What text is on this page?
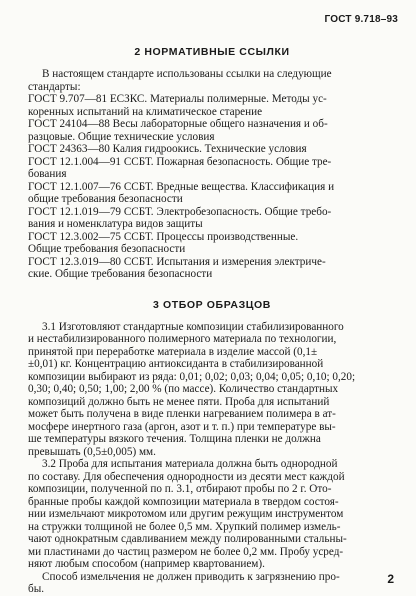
ГОСТ 9.718–93
2 НОРМАТИВНЫЕ ССЫЛКИ

В настоящем стандарте использованы ссылки на следующие
стандарты:
ГОСТ 9.707—81 ЕСЗКС. Материалы полимерные. Методы ус-
коренных испытаний на климатическое старение
ГОСТ 24104—88 Весы лабораторные общего назначения и об-
разцовые. Общие технические условия
ГОСТ 24363—80 Калия гидроокись. Технические условия
ГОСТ 12.1.004—91 ССБТ. Пожарная безопасность. Общие тре-
бования
ГОСТ 12.1.007—76 ССБТ. Вредные вещества. Классификация и
общие требования безопасности
ГОСТ 12.1.019—79 ССБТ. Электробезопасность. Общие требо-
вания и номенклатура видов защиты
ГОСТ 12.3.002—75 ССБТ. Процессы производственные.
Общие требования безопасности
ГОСТ 12.3.019—80 ССБТ. Испытания и измерения электриче-
ские. Общие требования безопасности

3 ОТБОР ОБРАЗЦОВ

3.1 Изготовляют стандартные композиции стабилизированного
и нестабилизированного полимерного материала по технологии,
принятой при переработке материала в изделие массой (0,1±
±0,01) кг. Концентрацию антиоксиданта в стабилизированной
композиции выбирают из ряда: 0,01; 0,02; 0,03; 0,04; 0,05; 0,10; 0,20;
0,30; 0,40; 0,50; 1,00; 2,00 % (по массе). Количество стандартных
композиций должно быть не менее пяти. Проба для испытаний
может быть получена в виде пленки нагреванием полимера в ат-
мосфере инертного газа (аргон, азот и т. п.) при температуре вы-
ше температуры вязкого течения. Толщина пленки не должна
превышать (0,5±0,005) мм.

3.2 Проба для испытания материала должна быть однородной
по составу. Для обеспечения однородности из десяти мест каждой
композиции, полученной по п. 3.1, отбирают пробы по 2 г. Ото-
бранные пробы каждой композиции материала в твердом состоя-
нии измельчают микротомом или другим режущим инструментом
на стружки толщиной не более 0,5 мм. Хрупкий полимер измель-
чают однократным сдавливанием между полированными стальны-
ми пластинами до частиц размером не более 0,2 мм. Пробу усред-
няют любым способом (например квартованием).

Способ измельчения не должен приводить к загрязнению про-
бы.

2
